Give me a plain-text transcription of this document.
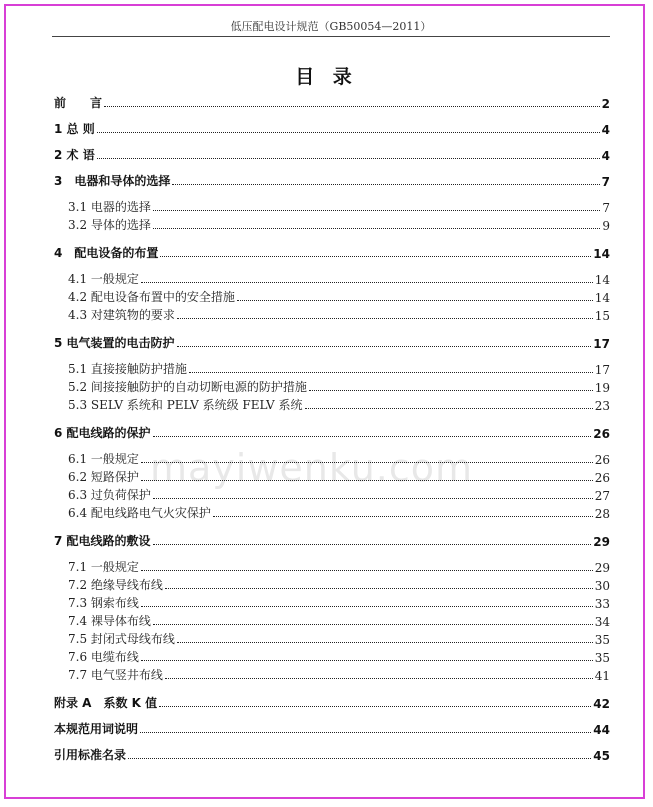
低压配电设计规范（GB50054—2011）
目 录
mayiwenku.com
前　　言	2
1 总 则	4
2 术 语	4
3　电器和导体的选择	7
3.1 电器的选择	7
3.2 导体的选择	9
4　配电设备的布置	14
4.1 一般规定	14
4.2 配电设备布置中的安全措施	14
4.3 对建筑物的要求	15
5 电气装置的电击防护	17
5.1 直接接触防护措施	17
5.2 间接接触防护的自动切断电源的防护措施	19
5.3 SELV 系统和 PELV 系统级 FELV 系统	23
6 配电线路的保护	26
6.1 一般规定	26
6.2 短路保护	26
6.3 过负荷保护	27
6.4 配电线路电气火灾保护	28
7 配电线路的敷设	29
7.1 一般规定	29
7.2 绝缘导线布线	30
7.3 钢索布线	33
7.4 裸导体布线	34
7.5 封闭式母线布线	35
7.6 电缆布线	35
7.7 电气竖井布线	41
附录 A　系数 K 值	42
本规范用词说明	44
引用标准名录	45
